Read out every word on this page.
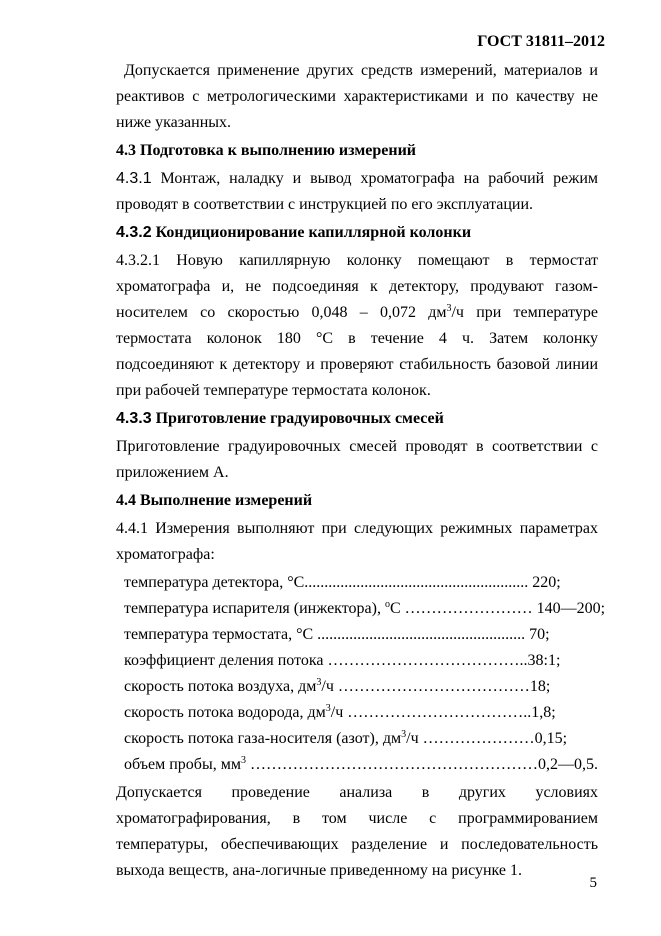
ГОСТ 31811–2012

Допускается применение других средств измерений, материалов и реактивов с метрологическими характеристиками и по качеству не ниже указанных.

4.3 Подготовка к выполнению измерений

4.3.1 Монтаж, наладку и вывод хроматографа на рабочий режим проводят в соответствии с инструкцией по его эксплуатации.

4.3.2 Кондиционирование капиллярной колонки

4.3.2.1 Новую капиллярную колонку помещают в термостат хроматографа и, не подсоединяя к детектору, продувают газом-носителем со скоростью 0,048 – 0,072 $дм^3/ч$ при температуре термостата колонок 180 °С в течение 4 ч. Затем колонку подсоединяют к детектору и проверяют стабильность базовой линии при рабочей температуре термостата колонок.

4.3.3 Приготовление градуировочных смесей

Приготовление градуировочных смесей проводят в соответствии с приложением А.

4.4 Выполнение измерений

4.4.1 Измерения выполняют при следующих режимных параметрах хроматографа:

температура детектора, °С........................................................ 220;
температура испарителя (инжектора), $^о$С …………………… 140—200;
температура термостата, °С .................................................... 70;
коэффициент деления потока ………………………………..38:1;
скорость потока воздуха, $дм^3/ч$ ………………………………18;
скорость потока водорода, $дм^3/ч$ ……………………………..1,8;
скорость потока газа-носителя (азот), $дм^3/ч$ …………………0,15;
объем пробы, $мм^3$ ………………………………………………0,2—0,5.

Допускается проведение анализа в других условиях хроматографирования, в том числе с программированием температуры, обеспечивающих разделение и последовательность выхода веществ, ана-логичные приведенному на рисунке 1.

5
